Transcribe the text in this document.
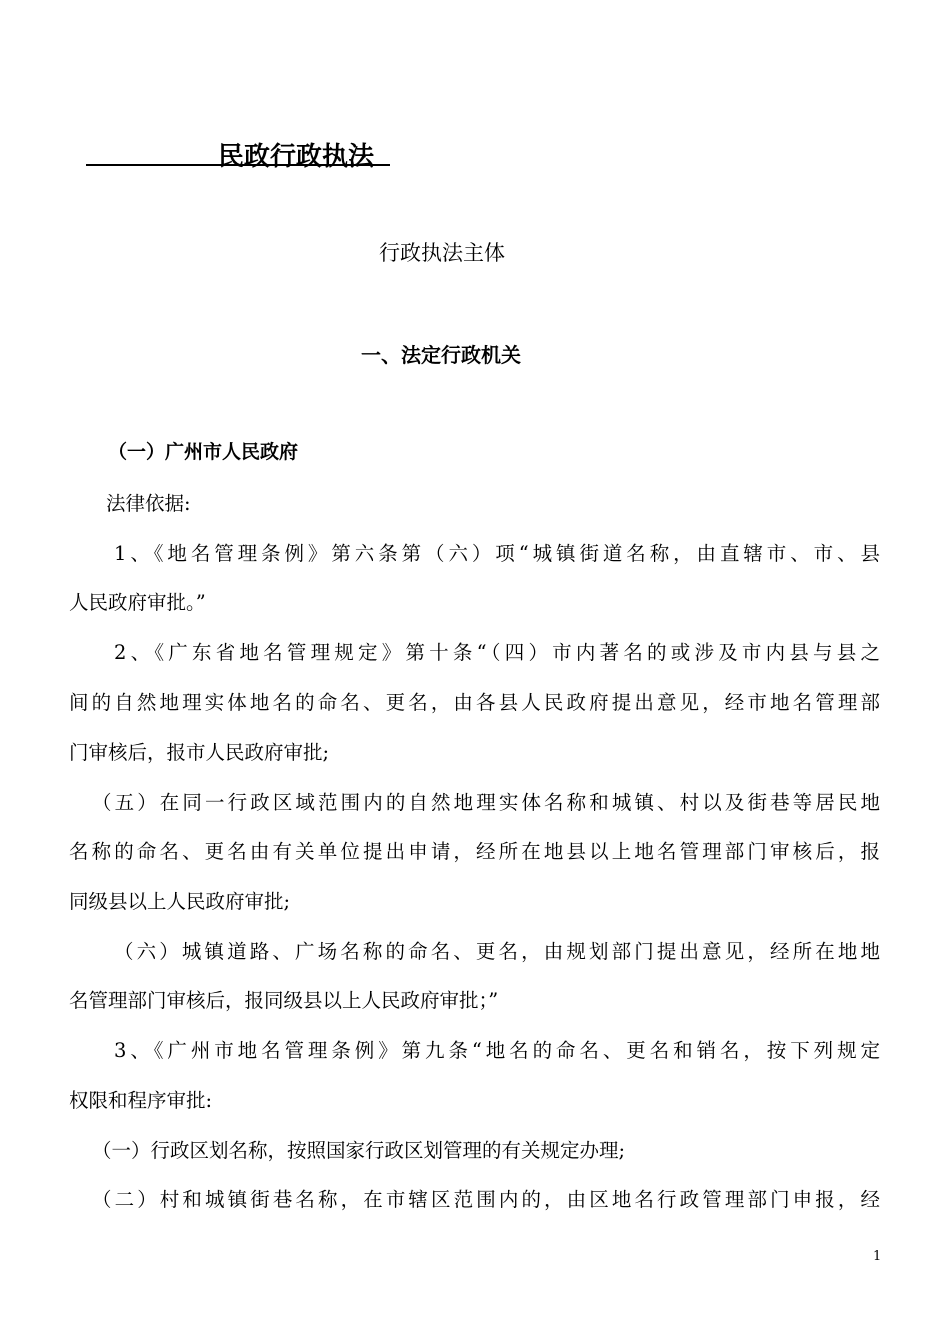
民政行政执法
行政执法主体
一、法定行政机关
（一）广州市人民政府
法律依据:
1、《地名管理条例》第六条第（六）项“城镇街道名称，由直辖市、市、县
人民政府审批。”
2、《广东省地名管理规定》第十条“（四）市内著名的或涉及市内县与县之
间的自然地理实体地名的命名、更名，由各县人民政府提出意见，经市地名管理部
门审核后，报市人民政府审批;
（五）在同一行政区域范围内的自然地理实体名称和城镇、村以及街巷等居民地
名称的命名、更名由有关单位提出申请，经所在地县以上地名管理部门审核后，报
同级县以上人民政府审批;
（六）城镇道路、广场名称的命名、更名，由规划部门提出意见，经所在地地
名管理部门审核后，报同级县以上人民政府审批；”
3、《广州市地名管理条例》第九条“地名的命名、更名和销名，按下列规定
权限和程序审批:
（一）行政区划名称，按照国家行政区划管理的有关规定办理;
（二）村和城镇街巷名称，在市辖区范围内的，由区地名行政管理部门申报，经
1
